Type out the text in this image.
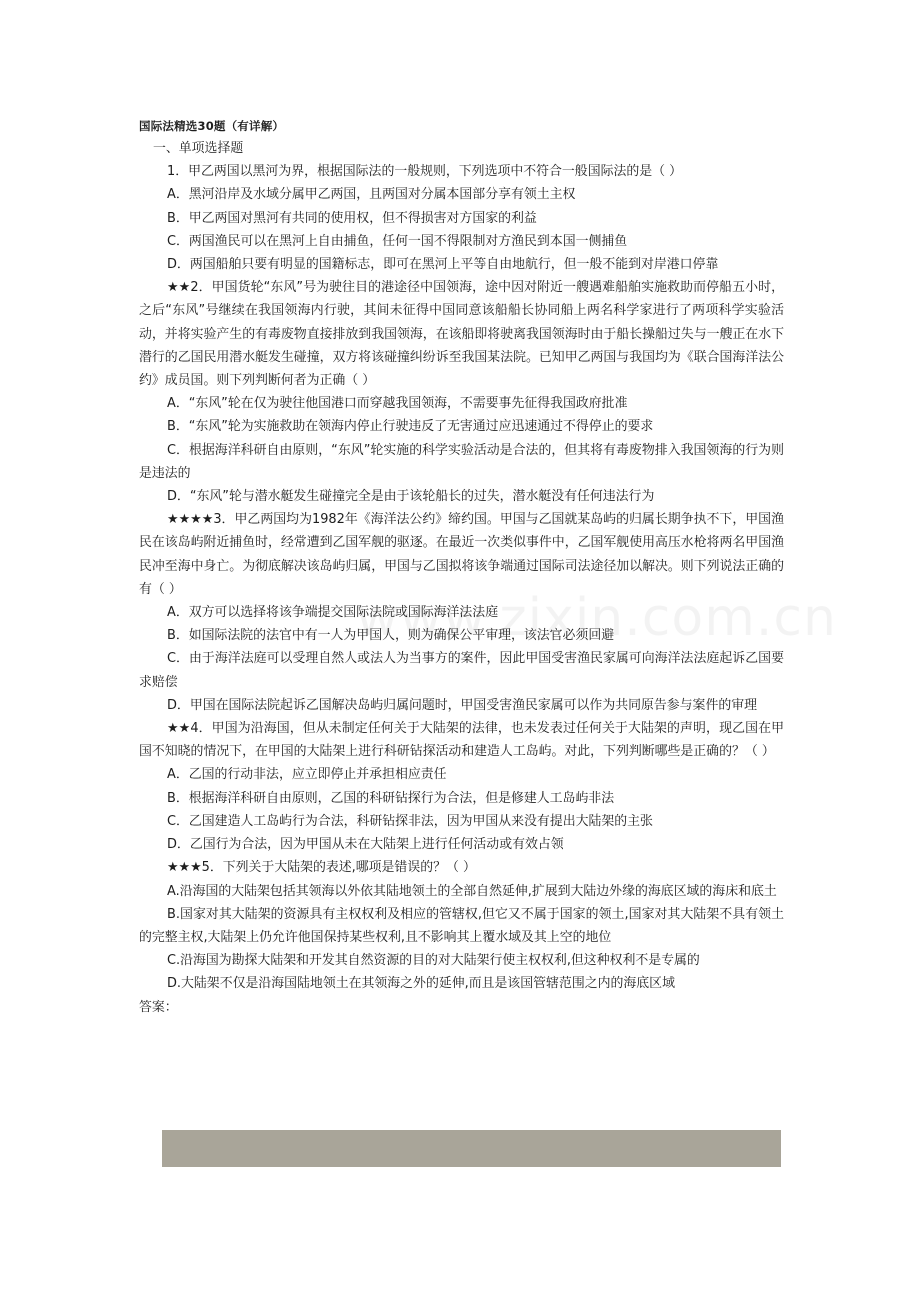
国际法精选30题（有详解）

一、单项选择题

1．甲乙两国以黑河为界，根据国际法的一般规则，下列选项中不符合一般国际法的是（ ）

A．黑河沿岸及水域分属甲乙两国，且两国对分属本国部分享有领土主权

B．甲乙两国对黑河有共同的使用权，但不得损害对方国家的利益

C．两国渔民可以在黑河上自由捕鱼，任何一国不得限制对方渔民到本国一侧捕鱼

D．两国船舶只要有明显的国籍标志，即可在黑河上平等自由地航行，但一般不能到对岸港口停靠

★★2．甲国货轮“东风”号为驶往目的港途径中国领海，途中因对附近一艘遇难船舶实施救助而停船五小时，之后“东风”号继续在我国领海内行驶，其间未征得中国同意该船船长协同船上两名科学家进行了两项科学实验活动，并将实验产生的有毒废物直接排放到我国领海，在该船即将驶离我国领海时由于船长操船过失与一艘正在水下潜行的乙国民用潜水艇发生碰撞，双方将该碰撞纠纷诉至我国某法院。已知甲乙两国与我国均为《联合国海洋法公约》成员国。则下列判断何者为正确（ ）

A．“东风”轮在仅为驶往他国港口而穿越我国领海，不需要事先征得我国政府批准

B．“东风”轮为实施救助在领海内停止行驶违反了无害通过应迅速通过不得停止的要求

C．根据海洋科研自由原则，“东风”轮实施的科学实验活动是合法的，但其将有毒废物排入我国领海的行为则是违法的

D．“东风”轮与潜水艇发生碰撞完全是由于该轮船长的过失，潜水艇没有任何违法行为

★★★★3．甲乙两国均为1982年《海洋法公约》缔约国。甲国与乙国就某岛屿的归属长期争执不下，甲国渔民在该岛屿附近捕鱼时，经常遭到乙国军舰的驱逐。在最近一次类似事件中，乙国军舰使用高压水枪将两名甲国渔民冲至海中身亡。为彻底解决该岛屿归属，甲国与乙国拟将该争端通过国际司法途径加以解决。则下列说法正确的有（ ）

A．双方可以选择将该争端提交国际法院或国际海洋法法庭

B．如国际法院的法官中有一人为甲国人，则为确保公平审理，该法官必须回避

C．由于海洋法庭可以受理自然人或法人为当事方的案件，因此甲国受害渔民家属可向海洋法法庭起诉乙国要求赔偿

D．甲国在国际法院起诉乙国解决岛屿归属问题时，甲国受害渔民家属可以作为共同原告参与案件的审理

★★4．甲国为沿海国，但从未制定任何关于大陆架的法律，也未发表过任何关于大陆架的声明，现乙国在甲国不知晓的情况下，在甲国的大陆架上进行科研钻探活动和建造人工岛屿。对此，下列判断哪些是正确的？（ ）

A．乙国的行动非法，应立即停止并承担相应责任

B．根据海洋科研自由原则，乙国的科研钻探行为合法，但是修建人工岛屿非法

C．乙国建造人工岛屿行为合法，科研钻探非法，因为甲国从来没有提出大陆架的主张

D．乙国行为合法，因为甲国从未在大陆架上进行任何活动或有效占领

★★★5．下列关于大陆架的表述,哪项是错误的？（ ）

A.沿海国的大陆架包括其领海以外依其陆地领土的全部自然延伸,扩展到大陆边外缘的海底区域的海床和底土

B.国家对其大陆架的资源具有主权权利及相应的管辖权,但它又不属于国家的领土,国家对其大陆架不具有领土的完整主权,大陆架上仍允许他国保持某些权利,且不影响其上覆水域及其上空的地位

C.沿海国为勘探大陆架和开发其自然资源的目的对大陆架行使主权权利,但这种权利不是专属的

D.大陆架不仅是沿海国陆地领土在其领海之外的延伸,而且是该国管辖范围之内的海底区域

答案：
